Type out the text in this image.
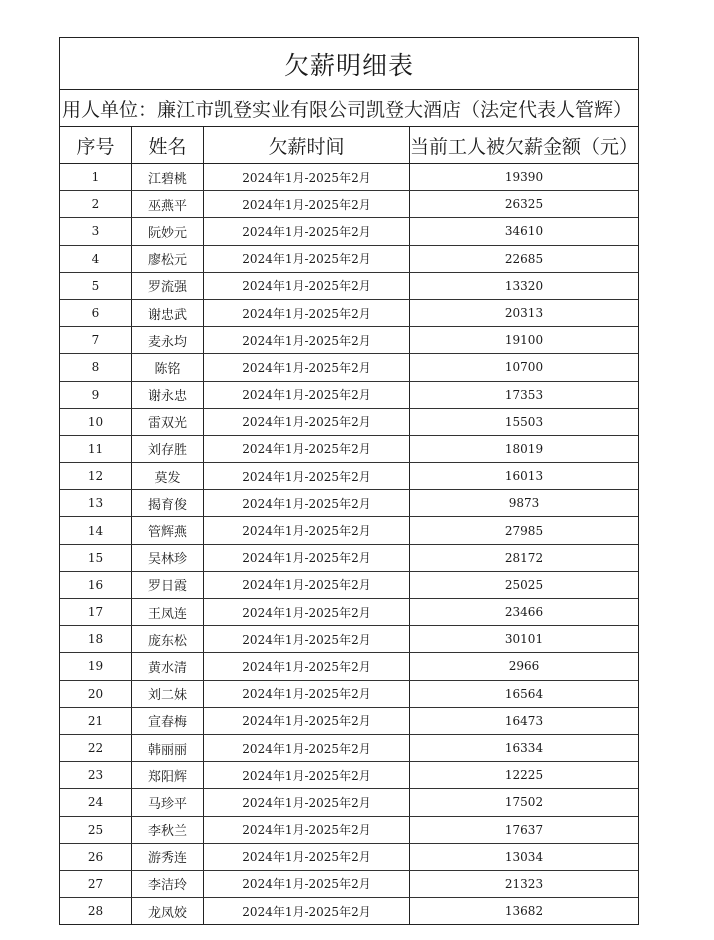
欠薪明细表
用人单位：廉江市凯登实业有限公司凯登大酒店（法定代表人管辉）
序号	姓名	欠薪时间	当前工人被欠薪金额（元）
1	江碧桃	2024年1月-2025年2月	19390
2	巫燕平	2024年1月-2025年2月	26325
3	阮妙元	2024年1月-2025年2月	34610
4	廖松元	2024年1月-2025年2月	22685
5	罗流强	2024年1月-2025年2月	13320
6	谢忠武	2024年1月-2025年2月	20313
7	麦永均	2024年1月-2025年2月	19100
8	陈铭	2024年1月-2025年2月	10700
9	谢永忠	2024年1月-2025年2月	17353
10	雷双光	2024年1月-2025年2月	15503
11	刘存胜	2024年1月-2025年2月	18019
12	莫发	2024年1月-2025年2月	16013
13	揭育俊	2024年1月-2025年2月	9873
14	管辉燕	2024年1月-2025年2月	27985
15	吴林珍	2024年1月-2025年2月	28172
16	罗日霞	2024年1月-2025年2月	25025
17	王凤连	2024年1月-2025年2月	23466
18	庞东松	2024年1月-2025年2月	30101
19	黄水清	2024年1月-2025年2月	2966
20	刘二妹	2024年1月-2025年2月	16564
21	宣春梅	2024年1月-2025年2月	16473
22	韩丽丽	2024年1月-2025年2月	16334
23	郑阳辉	2024年1月-2025年2月	12225
24	马珍平	2024年1月-2025年2月	17502
25	李秋兰	2024年1月-2025年2月	17637
26	游秀连	2024年1月-2025年2月	13034
27	李洁玲	2024年1月-2025年2月	21323
28	龙凤姣	2024年1月-2025年2月	13682
